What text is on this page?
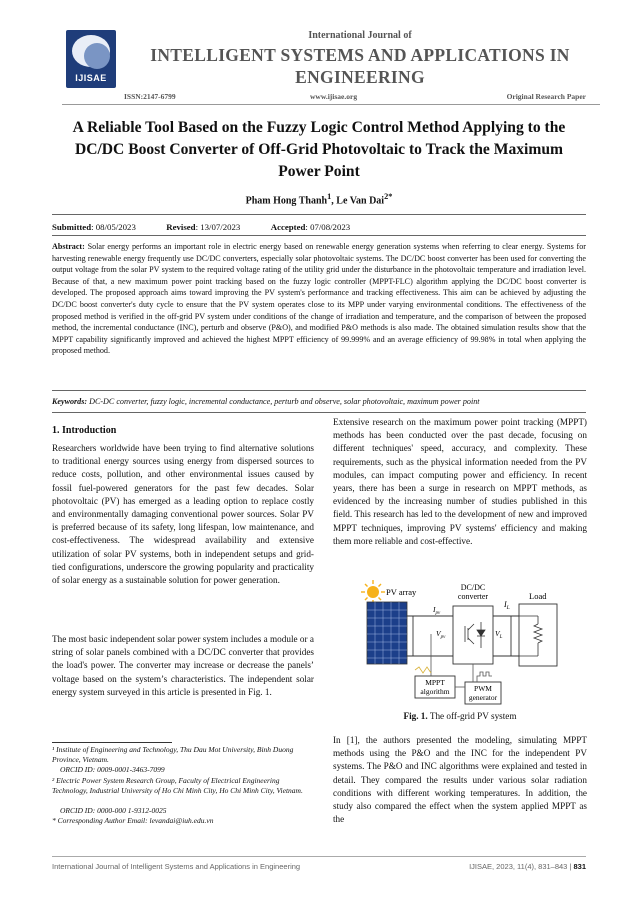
IJISAE
International Journal of
INTELLIGENT SYSTEMS AND APPLICATIONS IN
ENGINEERING
ISSN:2147-6799	www.ijisae.org	Original Research Paper
A Reliable Tool Based on the Fuzzy Logic Control Method Applying to the DC/DC Boost Converter of Off-Grid Photovoltaic to Track the Maximum Power Point
Pham Hong Thanh$^1$, Le Van Dai$^{2*}$
Submitted: 08/05/2023	Revised: 13/07/2023	Accepted: 07/08/2023
Abstract: Solar energy performs an important role in electric energy based on renewable energy generation systems when referring to clear energy. Systems for harvesting renewable energy frequently use DC/DC converters, especially solar photovoltaic systems. The DC/DC boost converter has been used for converting the output voltage from the solar PV system to the required voltage rating of the utility grid under the disturbance in the photovoltaic temperature and irradiation level. Because of that, a new maximum power point tracking based on the fuzzy logic controller (MPPT-FLC) algorithm applying the DC/DC boost converter is developed. The proposed approach aims toward improving the PV system's performance and tracking effectiveness. This aim can be achieved by adjusting the DC/DC boost converter's duty cycle to ensure that the PV system operates close to its MPP under varying environmental conditions. The effectiveness of the proposed method is verified in the off-grid PV system under conditions of the change of irradiation and temperature, and the comparison of between the proposed method, the incremental conductance (INC), perturb and observe (P&O), and modified P&O methods is also made. The obtained simulation results show that the MPPT capability significantly improved and achieved the highest MPPT efficiency of 99.999% and an average efficiency of 99.98% in total when applying the proposed method.
Keywords: DC-DC converter, fuzzy logic, incremental conductance, perturb and observe, solar photovoltaic, maximum power point
1. Introduction
Researchers worldwide have been trying to find alternative solutions to traditional energy sources using energy from dispersed sources to reduce costs, pollution, and other environmental issues caused by fossil fuel-powered generators for the past few decades. Solar photovoltaic (PV) has emerged as a leading option to replace costly and environmentally damaging conventional power sources. Solar PV is preferred because of its safety, long lifespan, low maintenance, and cost-effectiveness. The widespread availability and extensive utilization of solar PV systems, both in independent setups and grid-tied configurations, underscore the growing popularity and practicality of solar energy as a sustainable solution for power generation.
The most basic independent solar power system includes a module or a string of solar panels combined with a DC/DC converter that provides the load's power. The converter may increase or decrease the panels’ voltage based on the system’s characteristics. The independent solar energy system surveyed in this article is presented in Fig. 1.
¹ Institute of Engineering and Technology, Thu Dau Mot University, Binh Duong Province, Vietnam.
ORCID ID: 0009-0001-3463-7099
² Electric Power System Research Group, Faculty of Electrical Engineering Technology, Industrial University of Ho Chi Minh City, Ho Chi Minh City, Vietnam.
ORCID ID: 0000-000 1-9312-0025
* Corresponding Author Email: levandai@iuh.edu.vn
Extensive research on the maximum power point tracking (MPPT) methods has been conducted over the past decade, focusing on different techniques' speed, accuracy, and complexity. These requirements, such as the physical information needed from the PV modules, can impact computing power and efficiency. In recent years, there has been a surge in research on MPPT methods, as evidenced by the increasing number of studies published in this field. This research has led to the development of new and improved MPPT techniques, improving PV systems' efficiency and making them more reliable and cost-effective.
PV array	DC/DC
converter	Load
$I_L$
$I_{pv}$
$V_{pv}$	$V_L$
MPPT
algorithm	PWM
generator
Fig. 1. The off-grid PV system
In [1], the authors presented the modeling, simulating MPPT methods using the P&O and the INC for the independent PV systems. The P&O and INC algorithms were explained and tested in detail. They compared the results under various solar radiation conditions with different working temperatures. In addition, the study also compared the effect when the system applied MPPT as the
International Journal of Intelligent Systems and Applications in Engineering	IJISAE, 2023, 11(4), 831–843 | 831
